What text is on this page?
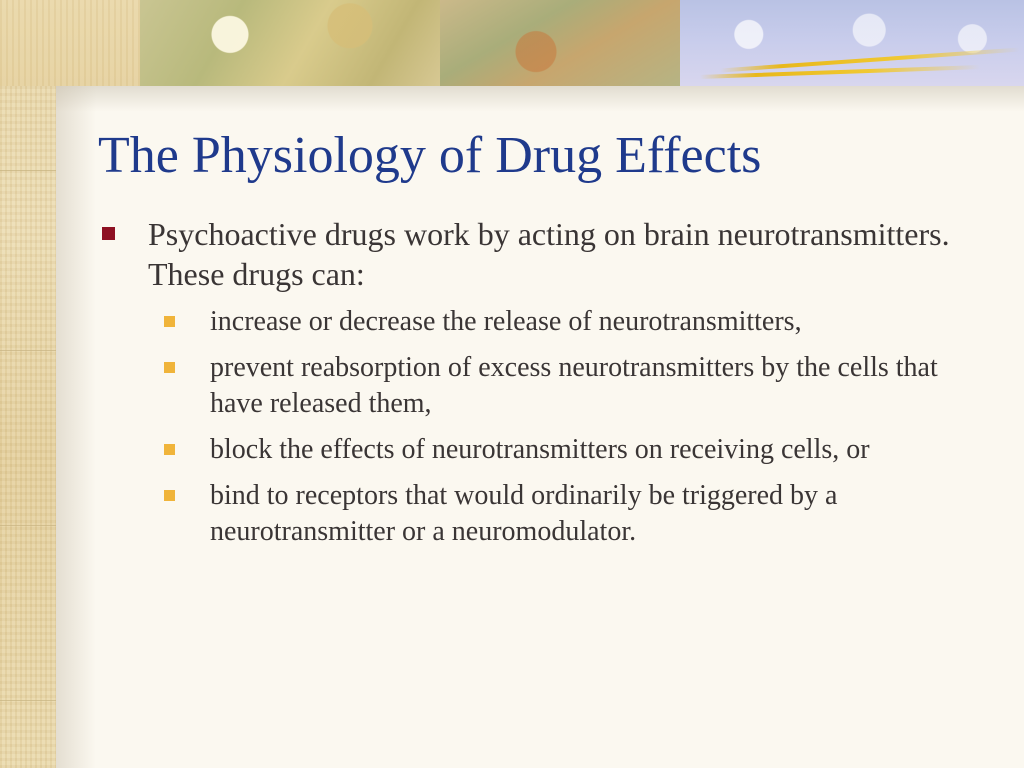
The Physiology of Drug Effects
Psychoactive drugs work by acting on brain neurotransmitters. These drugs can:
increase or decrease the release of neurotransmitters,
prevent reabsorption of excess neurotransmitters by the cells that have released them,
block the effects of neurotransmitters on receiving cells, or
bind to receptors that would ordinarily be triggered by a neurotransmitter or a neuromodulator.
